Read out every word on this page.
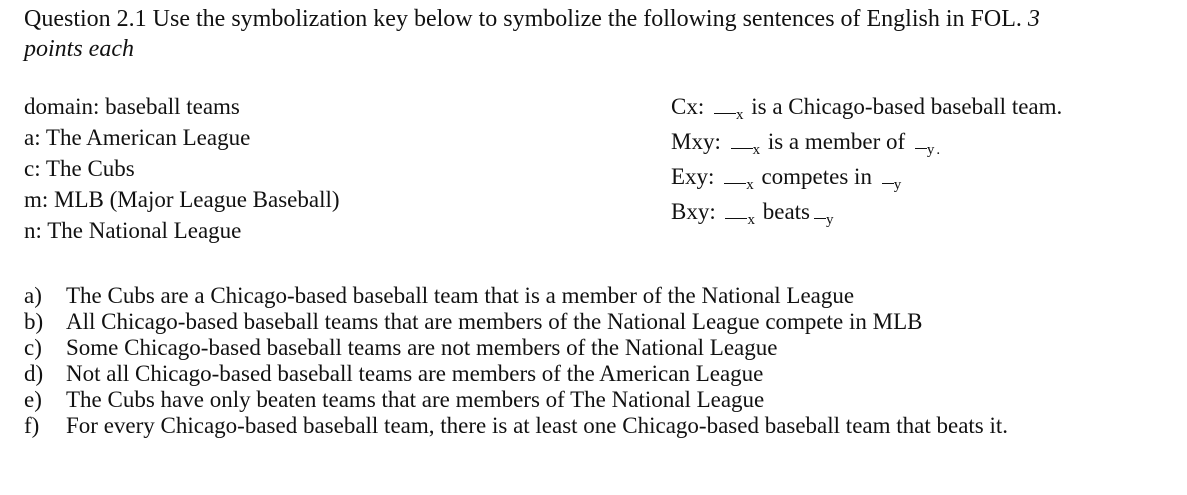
Question 2.1 Use the symbolization key below to symbolize the following sentences of English in FOL. 3
points each
domain: baseball teams
a: The American League
c: The Cubs
m: MLB (Major League Baseball)
n: The National League
Cx: $_x$ is a Chicago-based baseball team.
Mxy: $_x$ is a member of $_y$ $_.$
Exy: $_x$ competes in $_y$
Bxy: $_x$ beats $_y$
a)	The Cubs are a Chicago-based baseball team that is a member of the National League
b) All Chicago-based baseball teams that are members of the National League compete in MLB
c)	Some Chicago-based baseball teams are not members of the National League
d) Not all Chicago-based baseball teams are members of the American League
e)	The Cubs have only beaten teams that are members of The National League
f)	For every Chicago-based baseball team, there is at least one Chicago-based baseball team that beats it.
